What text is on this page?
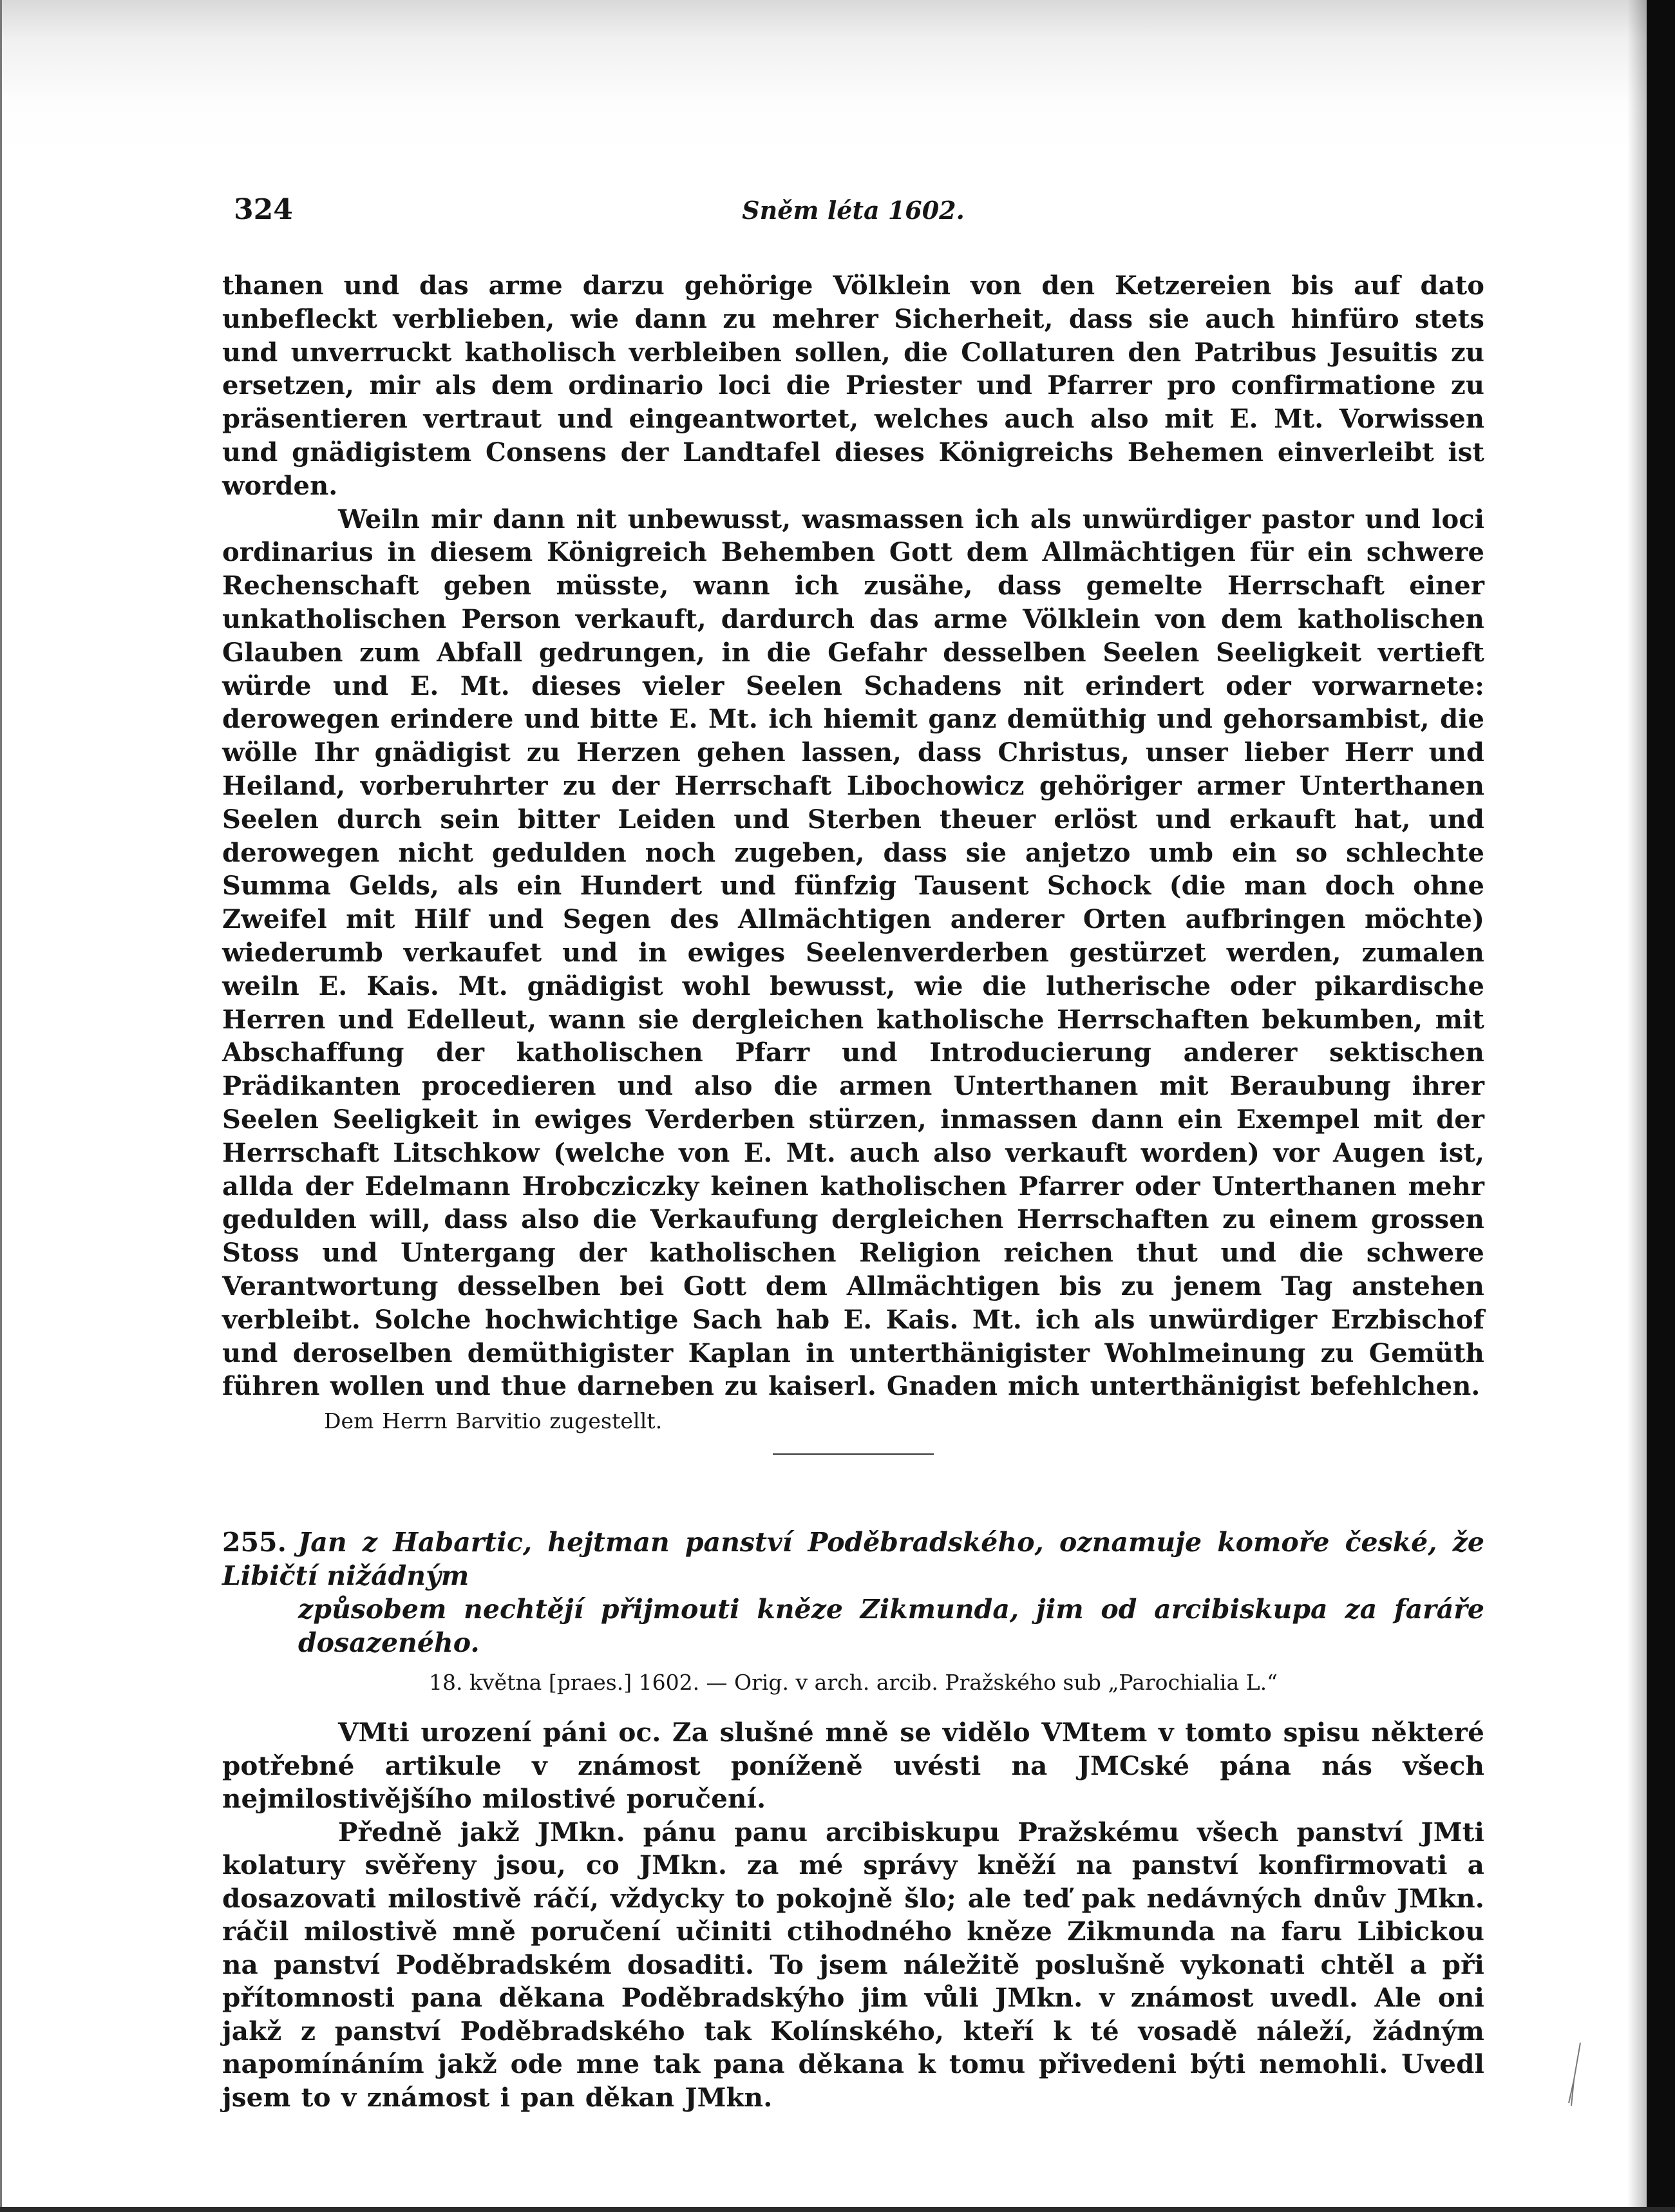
324	Sněm léta 1602.

thanen und das arme darzu gehörige Völklein von den Ketzereien bis auf dato unbefleckt verblieben, wie dann zu mehrer Sicherheit, dass sie auch hinfüro stets und unverruckt katholisch verbleiben sollen, die Collaturen den Patribus Jesuitis zu ersetzen, mir als dem ordinario loci die Priester und Pfarrer pro confirmatione zu präsentieren vertraut und eingeantwortet, welches auch also mit E. Mt. Vorwissen und gnädigistem Consens der Landtafel dieses Königreichs Behemen einverleibt ist worden.

Weiln mir dann nit unbewusst, wasmassen ich als unwürdiger pastor und loci ordinarius in diesem Königreich Behemben Gott dem Allmächtigen für ein schwere Rechenschaft geben müsste, wann ich zusähe, dass gemelte Herrschaft einer unkatholischen Person verkauft, dardurch das arme Völklein von dem katholischen Glauben zum Abfall gedrungen, in die Gefahr desselben Seelen Seeligkeit vertieft würde und E. Mt. dieses vieler Seelen Schadens nit erindert oder vorwarnete: derowegen erindere und bitte E. Mt. ich hiemit ganz demüthig und gehorsambist, die wölle Ihr gnädigist zu Herzen gehen lassen, dass Christus, unser lieber Herr und Heiland, vorberuhrter zu der Herrschaft Libochowicz gehöriger armer Unterthanen Seelen durch sein bitter Leiden und Sterben theuer erlöst und erkauft hat, und derowegen nicht gedulden noch zugeben, dass sie anjetzo umb ein so schlechte Summa Gelds, als ein Hundert und fünfzig Tausent Schock (die man doch ohne Zweifel mit Hilf und Segen des Allmächtigen anderer Orten aufbringen möchte) wiederumb verkaufet und in ewiges Seelenverderben gestürzet werden, zumalen weiln E. Kais. Mt. gnädigist wohl bewusst, wie die lutherische oder pikardische Herren und Edelleut, wann sie dergleichen katholische Herrschaften bekumben, mit Abschaffung der katholischen Pfarr und Introducierung anderer sektischen Prädikanten procedieren und also die armen Unterthanen mit Beraubung ihrer Seelen Seeligkeit in ewiges Verderben stürzen, inmassen dann ein Exempel mit der Herrschaft Litschkow (welche von E. Mt. auch also verkauft worden) vor Augen ist, allda der Edelmann Hrobcziczky keinen katholischen Pfarrer oder Unterthanen mehr gedulden will, dass also die Verkaufung dergleichen Herrschaften zu einem grossen Stoss und Untergang der katholischen Religion reichen thut und die schwere Verantwortung desselben bei Gott dem Allmächtigen bis zu jenem Tag anstehen verbleibt. Solche hochwichtige Sach hab E. Kais. Mt. ich als unwürdiger Erzbischof und deroselben demüthigister Kaplan in unterthänigister Wohlmeinung zu Gemüth führen wollen und thue darneben zu kaiserl. Gnaden mich unterthänigist befehlchen.

Dem Herrn Barvitio zugestellt.

255. Jan z Habartic, hejtman panství Poděbradského, oznamuje komoře české, že Libičtí nižádným
způsobem nechtějí přijmouti kněze Zikmunda, jim od arcibiskupa za faráře dosazeného.
18. května [praes.] 1602. — Orig. v arch. arcib. Pražského sub „Parochialia L.“

VMti urození páni oc. Za slušné mně se vidělo VMtem v tomto spisu některé potřebné artikule v známost poníženě uvésti na JMCské pána nás všech nejmilostivějšího milostivé poručení.

Předně jakž JMkn. pánu panu arcibiskupu Pražskému všech panství JMti kolatury svěřeny jsou, co JMkn. za mé správy kněží na panství konfirmovati a dosazovati milostivě ráčí, vždycky to pokojně šlo; ale teď pak nedávných dnův JMkn. ráčil milostivě mně poručení učiniti ctihodného kněze Zikmunda na faru Libickou na panství Poděbradském dosaditi. To jsem náležitě poslušně vykonati chtěl a při přítomnosti pana děkana Poděbradskýho jim vůli JMkn. v známost uvedl. Ale oni jakž z panství Poděbradského tak Kolínského, kteří k té vosadě náleží, žádným napomínáním jakž ode mne tak pana děkana k tomu přivedeni býti nemohli. Uvedl jsem to v známost i pan děkan JMkn.
